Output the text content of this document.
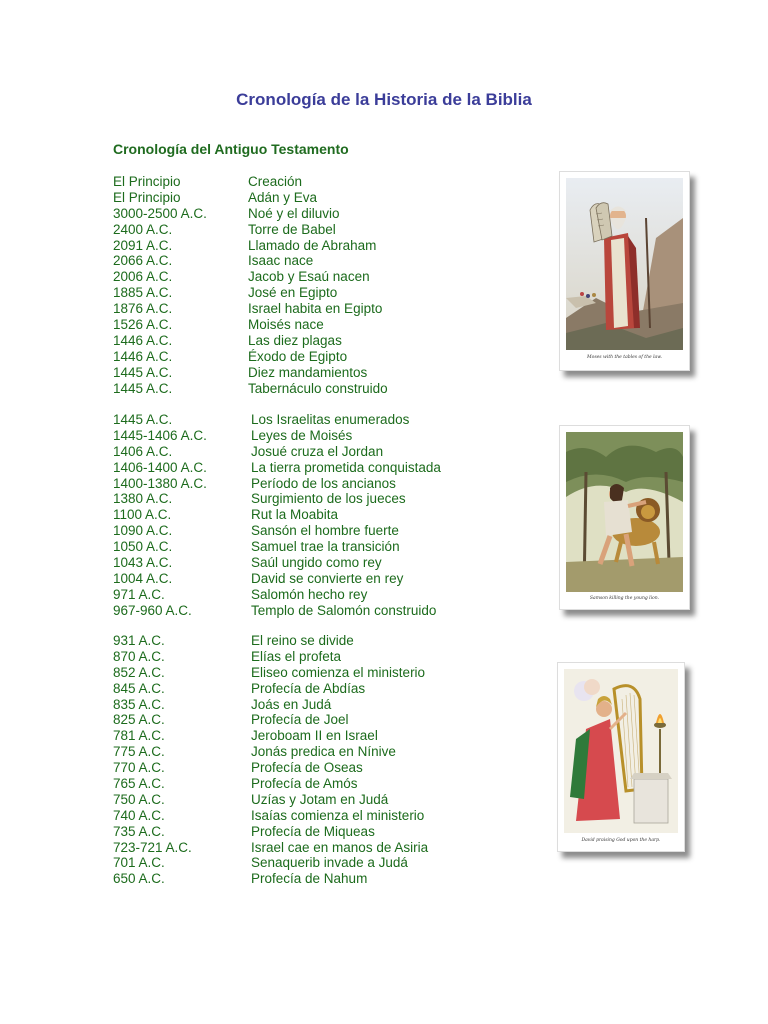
Cronología de la Historia de la Biblia
Cronología del Antiguo Testamento
El Principio	Creación
El Principio	Adán y Eva
3000-2500 A.C.	Noé y el diluvio
2400 A.C.	Torre de Babel
2091 A.C.	Llamado de Abraham
2066 A.C.	Isaac nace
2006 A.C.	Jacob y Esaú nacen
1885 A.C.	José en Egipto
1876 A.C.	Israel habita en Egipto
1526 A.C.	Moisés nace
1446 A.C.	Las diez plagas
1446 A.C.	Éxodo de Egipto
1445 A.C.	Diez mandamientos
1445 A.C.	Tabernáculo construido
1445 A.C.	Los Israelitas enumerados
1445-1406 A.C.	Leyes de Moisés
1406 A.C.	Josué cruza el Jordan
1406-1400 A.C.	La tierra prometida conquistada
1400-1380 A.C.	Período de los ancianos
1380 A.C.	Surgimiento de los jueces
1100 A.C.	Rut la Moabita
1090 A.C.	Sansón el hombre fuerte
1050 A.C.	Samuel trae la transición
1043 A.C.	Saúl ungido como rey
1004 A.C.	David se convierte en rey
971 A.C.	Salomón hecho rey
967-960 A.C.	Templo de Salomón construido
931 A.C.	El reino se divide
870 A.C.	Elías el profeta
852 A.C.	Eliseo comienza el ministerio
845 A.C.	Profecía de Abdías
835 A.C.	Joás en Judá
825 A.C.	Profecía de Joel
781 A.C.	Jeroboam II en Israel
775 A.C.	Jonás predica en Nínive
770 A.C.	Profecía de Oseas
765 A.C.	Profecía de Amós
750 A.C.	Uzías y Jotam en Judá
740 A.C.	Isaías comienza el ministerio
735 A.C.	Profecía de Miqueas
723-721 A.C.	Israel cae en manos de Asiria
701 A.C.	Senaquerib invade a Judá
650 A.C.	Profecía de Nahum
Moses with the tables of the law.
Samson killing the young lion.
David praising God upon the harp.
